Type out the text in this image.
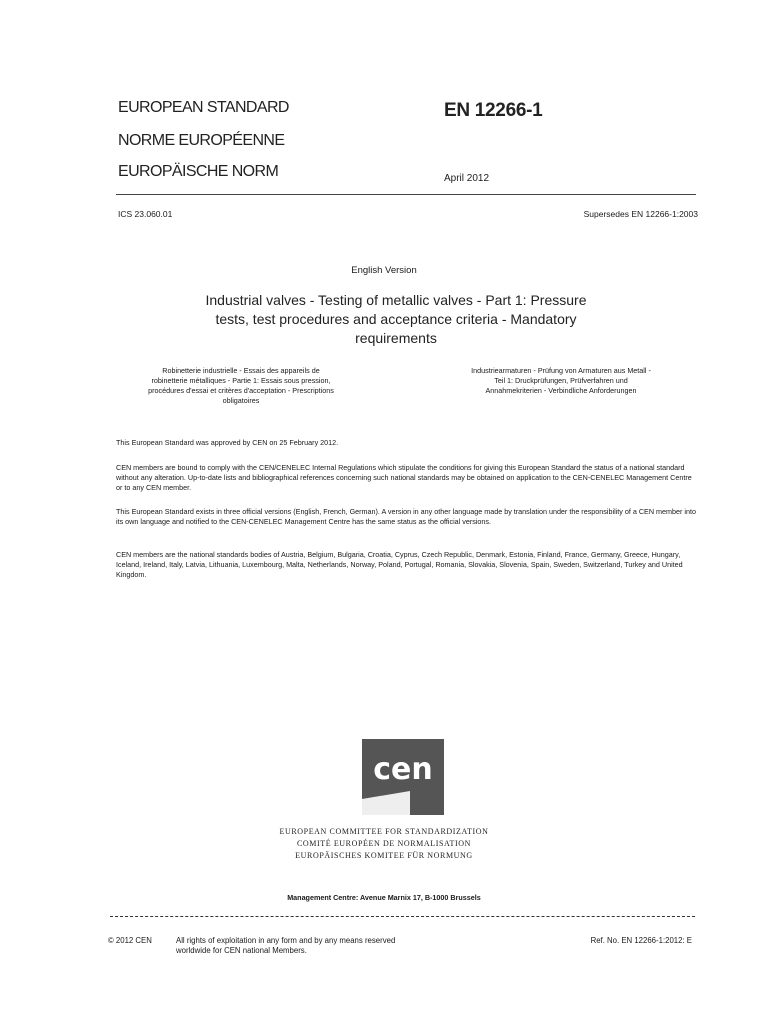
EUROPEAN STANDARD
NORME EUROPÉENNE
EUROPÄISCHE NORM
EN 12266-1
April 2012
ICS 23.060.01	Supersedes EN 12266-1:2003
English Version
Industrial valves - Testing of metallic valves - Part 1: Pressure
tests, test procedures and acceptance criteria - Mandatory
requirements
Robinetterie industrielle - Essais des appareils de
robinetterie métalliques - Partie 1: Essais sous pression,
procédures d'essai et critères d'acceptation - Prescriptions
obligatoires
Industriearmaturen - Prüfung von Armaturen aus Metall -
Teil 1: Druckprüfungen, Prüfverfahren und
Annahmekriterien - Verbindliche Anforderungen
This European Standard was approved by CEN on 25 February 2012.
CEN members are bound to comply with the CEN/CENELEC Internal Regulations which stipulate the conditions for giving this European Standard the status of a national standard without any alteration. Up-to-date lists and bibliographical references concerning such national standards may be obtained on application to the CEN-CENELEC Management Centre or to any CEN member.
This European Standard exists in three official versions (English, French, German). A version in any other language made by translation under the responsibility of a CEN member into its own language and notified to the CEN-CENELEC Management Centre has the same status as the official versions.
CEN members are the national standards bodies of Austria, Belgium, Bulgaria, Croatia, Cyprus, Czech Republic, Denmark, Estonia, Finland, France, Germany, Greece, Hungary, Iceland, Ireland, Italy, Latvia, Lithuania, Luxembourg, Malta, Netherlands, Norway, Poland, Portugal, Romania, Slovakia, Slovenia, Spain, Sweden, Switzerland, Turkey and United Kingdom.
cen
EUROPEAN COMMITTEE FOR STANDARDIZATION
COMITÉ EUROPÉEN DE NORMALISATION
EUROPÄISCHES KOMITEE FÜR NORMUNG
Management Centre: Avenue Marnix 17, B-1000 Brussels
© 2012 CEN	All rights of exploitation in any form and by any means reserved
worldwide for CEN national Members.
Ref. No. EN 12266-1:2012: E
